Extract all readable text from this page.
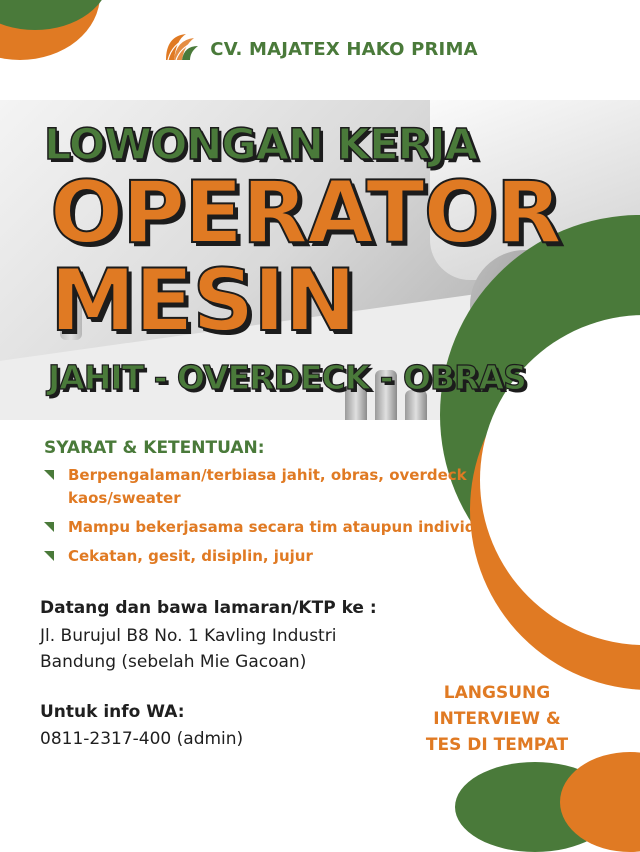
CV. MAJATEX HAKO PRIMA
LOWONGAN KERJA
OPERATOR
MESIN
JAHIT - OVERDECK - OBRAS
SYARAT & KETENTUAN:
Berpengalaman/terbiasa jahit, obras, overdeck kaos/sweater
Mampu bekerjasama secara tim ataupun individu
Cekatan, gesit, disiplin, jujur
Datang dan bawa lamaran/KTP ke :
Jl. Burujul B8 No. 1 Kavling Industri
Bandung (sebelah Mie Gacoan)
Untuk info WA:
0811-2317-400 (admin)
LANGSUNG
INTERVIEW &
TES DI TEMPAT
